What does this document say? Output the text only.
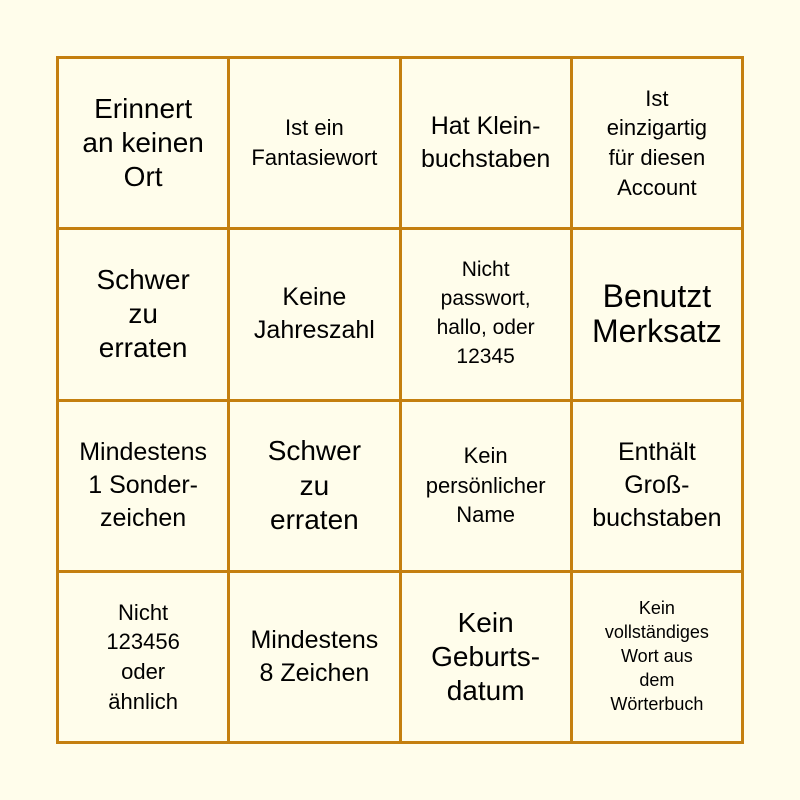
Erinnert
an keinen
Ort
Ist ein
Fantasiewort
Hat Klein-
buchstaben
Ist
einzigartig
für diesen
Account
Schwer
zu
erraten
Keine
Jahreszahl
Nicht
passwort,
hallo, oder
12345
Benutzt
Merksatz
Mindestens
1 Sonder-
zeichen
Schwer
zu
erraten
Kein
persönlicher
Name
Enthält
Groß-
buchstaben
Nicht
123456
oder
ähnlich
Mindestens
8 Zeichen
Kein
Geburts-
datum
Kein
vollständiges
Wort aus
dem
Wörterbuch
